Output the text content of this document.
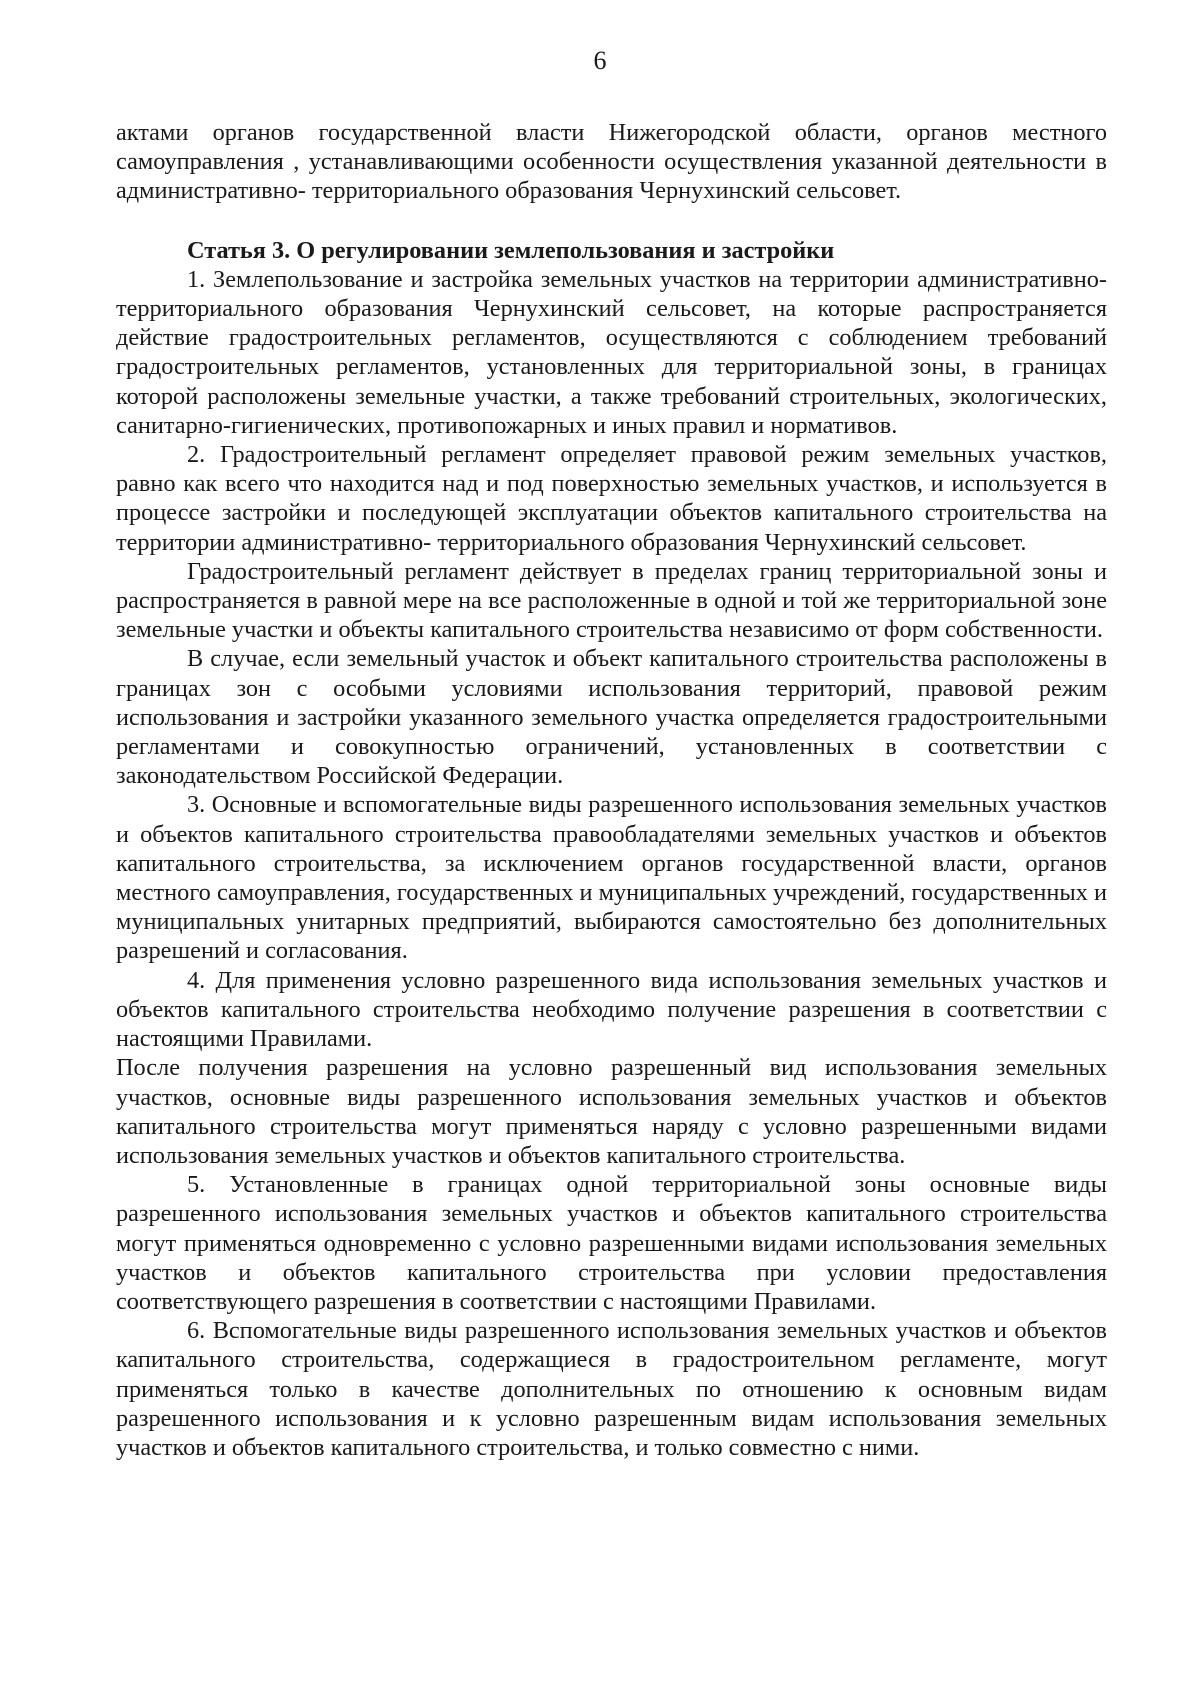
6

актами органов государственной власти Нижегородской области, органов местного самоуправления , устанавливающими особенности осуществления указанной деятельности в административно- территориального образования Чернухинский сельсовет.

Статья 3. О регулировании землепользования и застройки

1. Землепользование и застройка земельных участков на территории административно-территориального образования Чернухинский сельсовет, на которые распространяется действие градостроительных регламентов, осуществляются с соблюдением требований градостроительных регламентов, установленных для территориальной зоны, в границах которой расположены земельные участки, а также требований строительных, экологических, санитарно-гигиенических, противопожарных и иных правил и нормативов.

2. Градостроительный регламент определяет правовой режим земельных участков, равно как всего что находится над и под поверхностью земельных участков, и используется в процессе застройки и последующей эксплуатации объектов капитального строительства на территории административно- территориального образования Чернухинский сельсовет.

Градостроительный регламент действует в пределах границ территориальной зоны и распространяется в равной мере на все расположенные в одной и той же территориальной зоне земельные участки и объекты капитального строительства независимо от форм собственности.

В случае, если земельный участок и объект капитального строительства расположены в границах зон с особыми условиями использования территорий, правовой режим использования и застройки указанного земельного участка определяется градостроительными регламентами и совокупностью ограничений, установленных в соответствии с законодательством Российской Федерации.

3. Основные и вспомогательные виды разрешенного использования земельных участков и объектов капитального строительства правообладателями земельных участков и объектов капитального строительства, за исключением органов государственной власти, органов местного самоуправления, государственных и муниципальных учреждений, государственных и муниципальных унитарных предприятий, выбираются самостоятельно без дополнительных разрешений и согласования.

4. Для применения условно разрешенного вида использования земельных участков и объектов капитального строительства необходимо получение разрешения в соответствии с настоящими Правилами.

После получения разрешения на условно разрешенный вид использования земельных участков, основные виды разрешенного использования земельных участков и объектов капитального строительства могут применяться наряду с условно разрешенными видами использования земельных участков и объектов капитального строительства.

5. Установленные в границах одной территориальной зоны основные виды разрешенного использования земельных участков и объектов капитального строительства могут применяться одновременно с условно разрешенными видами использования земельных участков и объектов капитального строительства при условии предоставления соответствующего разрешения в соответствии с настоящими Правилами.

6. Вспомогательные виды разрешенного использования земельных участков и объектов капитального строительства, содержащиеся в градостроительном регламенте, могут применяться только в качестве дополнительных по отношению к основным видам разрешенного использования и к условно разрешенным видам использования земельных участков и объектов капитального строительства, и только совместно с ними.
